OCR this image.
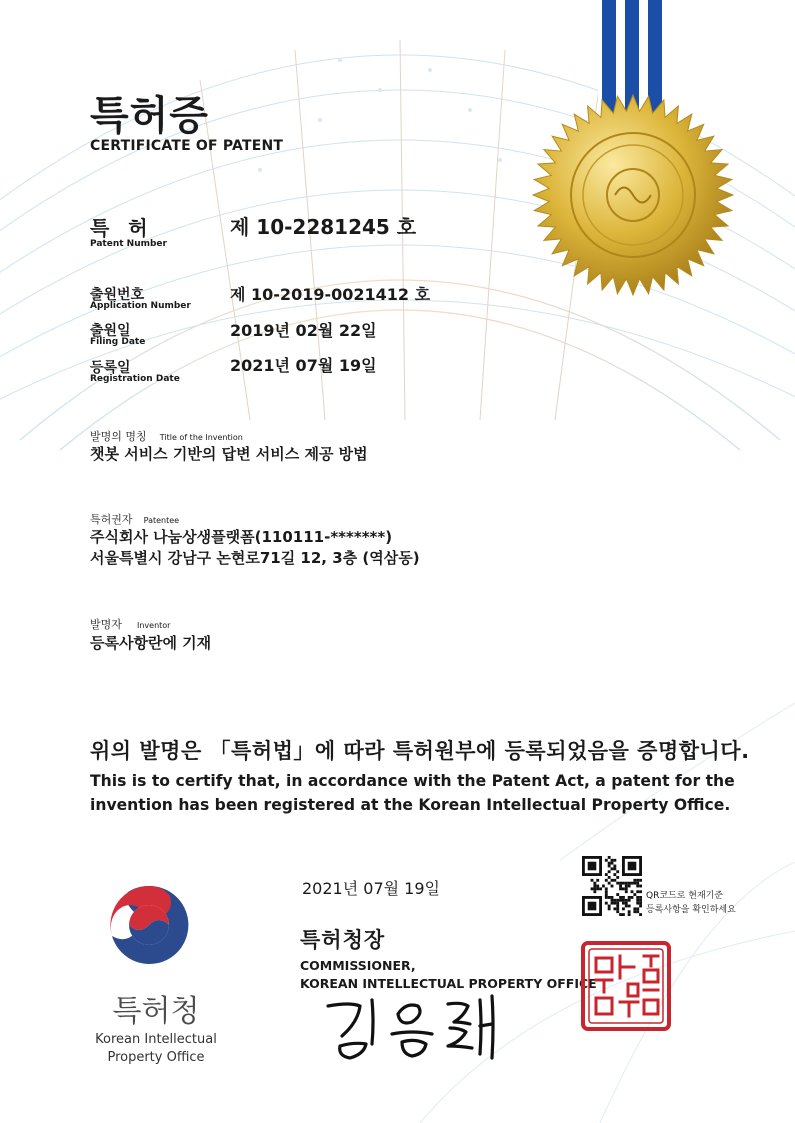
특허증
CERTIFICATE OF PATENT
특 허
Patent Number
제 10-2281245 호
출원번호
Application Number
제 10-2019-0021412 호
출원일
Filing Date
2019년 02월 22일
등록일
Registration Date
2021년 07월 19일
발명의 명칭 Title of the Invention
챗봇 서비스 기반의 답변 서비스 제공 방법
특허권자 Patentee
주식회사 나눔상생플랫폼(110111-*******)
서울특별시 강남구 논현로71길 12, 3층 (역삼동)
발명자 Inventor
등록사항란에 기재
위의 발명은 「특허법」에 따라 특허원부에 등록되었음을 증명합니다.
This is to certify that, in accordance with the Patent Act, a patent for the
invention has been registered at the Korean Intellectual Property Office.
특허청
Korean Intellectual
Property Office
2021년 07월 19일
특허청장
COMMISSIONER,
KOREAN INTELLECTUAL PROPERTY OFFICE
QR코드로 현재기준
등록사항을 확인하세요
